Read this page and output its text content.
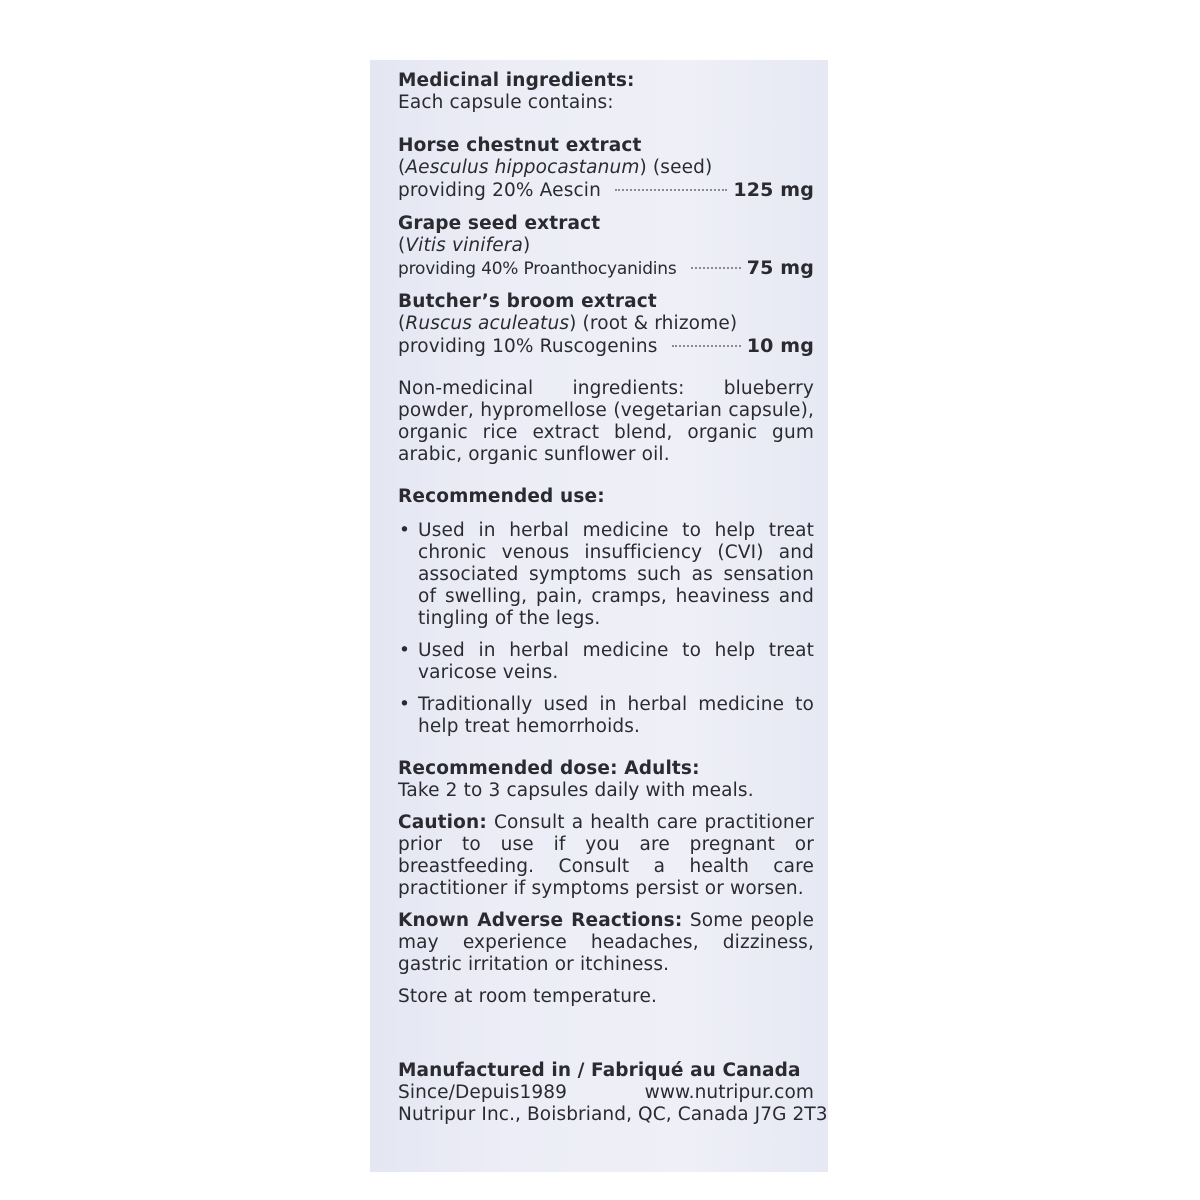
Medicinal ingredients:
Each capsule contains:
Horse chestnut extract
(Aesculus hippocastanum) (seed)
providing 20% Aescin	125 mg
Grape seed extract
(Vitis vinifera)
providing 40% Proanthocyanidins	75 mg
Butcher’s broom extract
(Ruscus aculeatus) (root & rhizome)
providing 10% Ruscogenins	10 mg

Non-medicinal ingredients: blueberry powder, hypromellose (vegetarian capsule), organic rice extract blend, organic gum arabic, organic sunflower oil.

Recommended use:
• Used in herbal medicine to help treat chronic venous insufficiency (CVI) and associated symptoms such as sensation of swelling, pain, cramps, heaviness and tingling of the legs.
• Used in herbal medicine to help treat varicose veins.
• Traditionally used in herbal medicine to help treat hemorrhoids.
Recommended dose: Adults:
Take 2 to 3 capsules daily with meals.

Caution: Consult a health care practitioner prior to use if you are pregnant or breastfeeding. Consult a health care practitioner if symptoms persist or worsen.

Known Adverse Reactions: Some people may experience headaches, dizziness, gastric irritation or itchiness.

Store at room temperature.
Manufactured in / Fabriqué au Canada
Since/Depuis1989	www.nutripur.com
Nutripur Inc., Boisbriand, QC, Canada J7G 2T3
